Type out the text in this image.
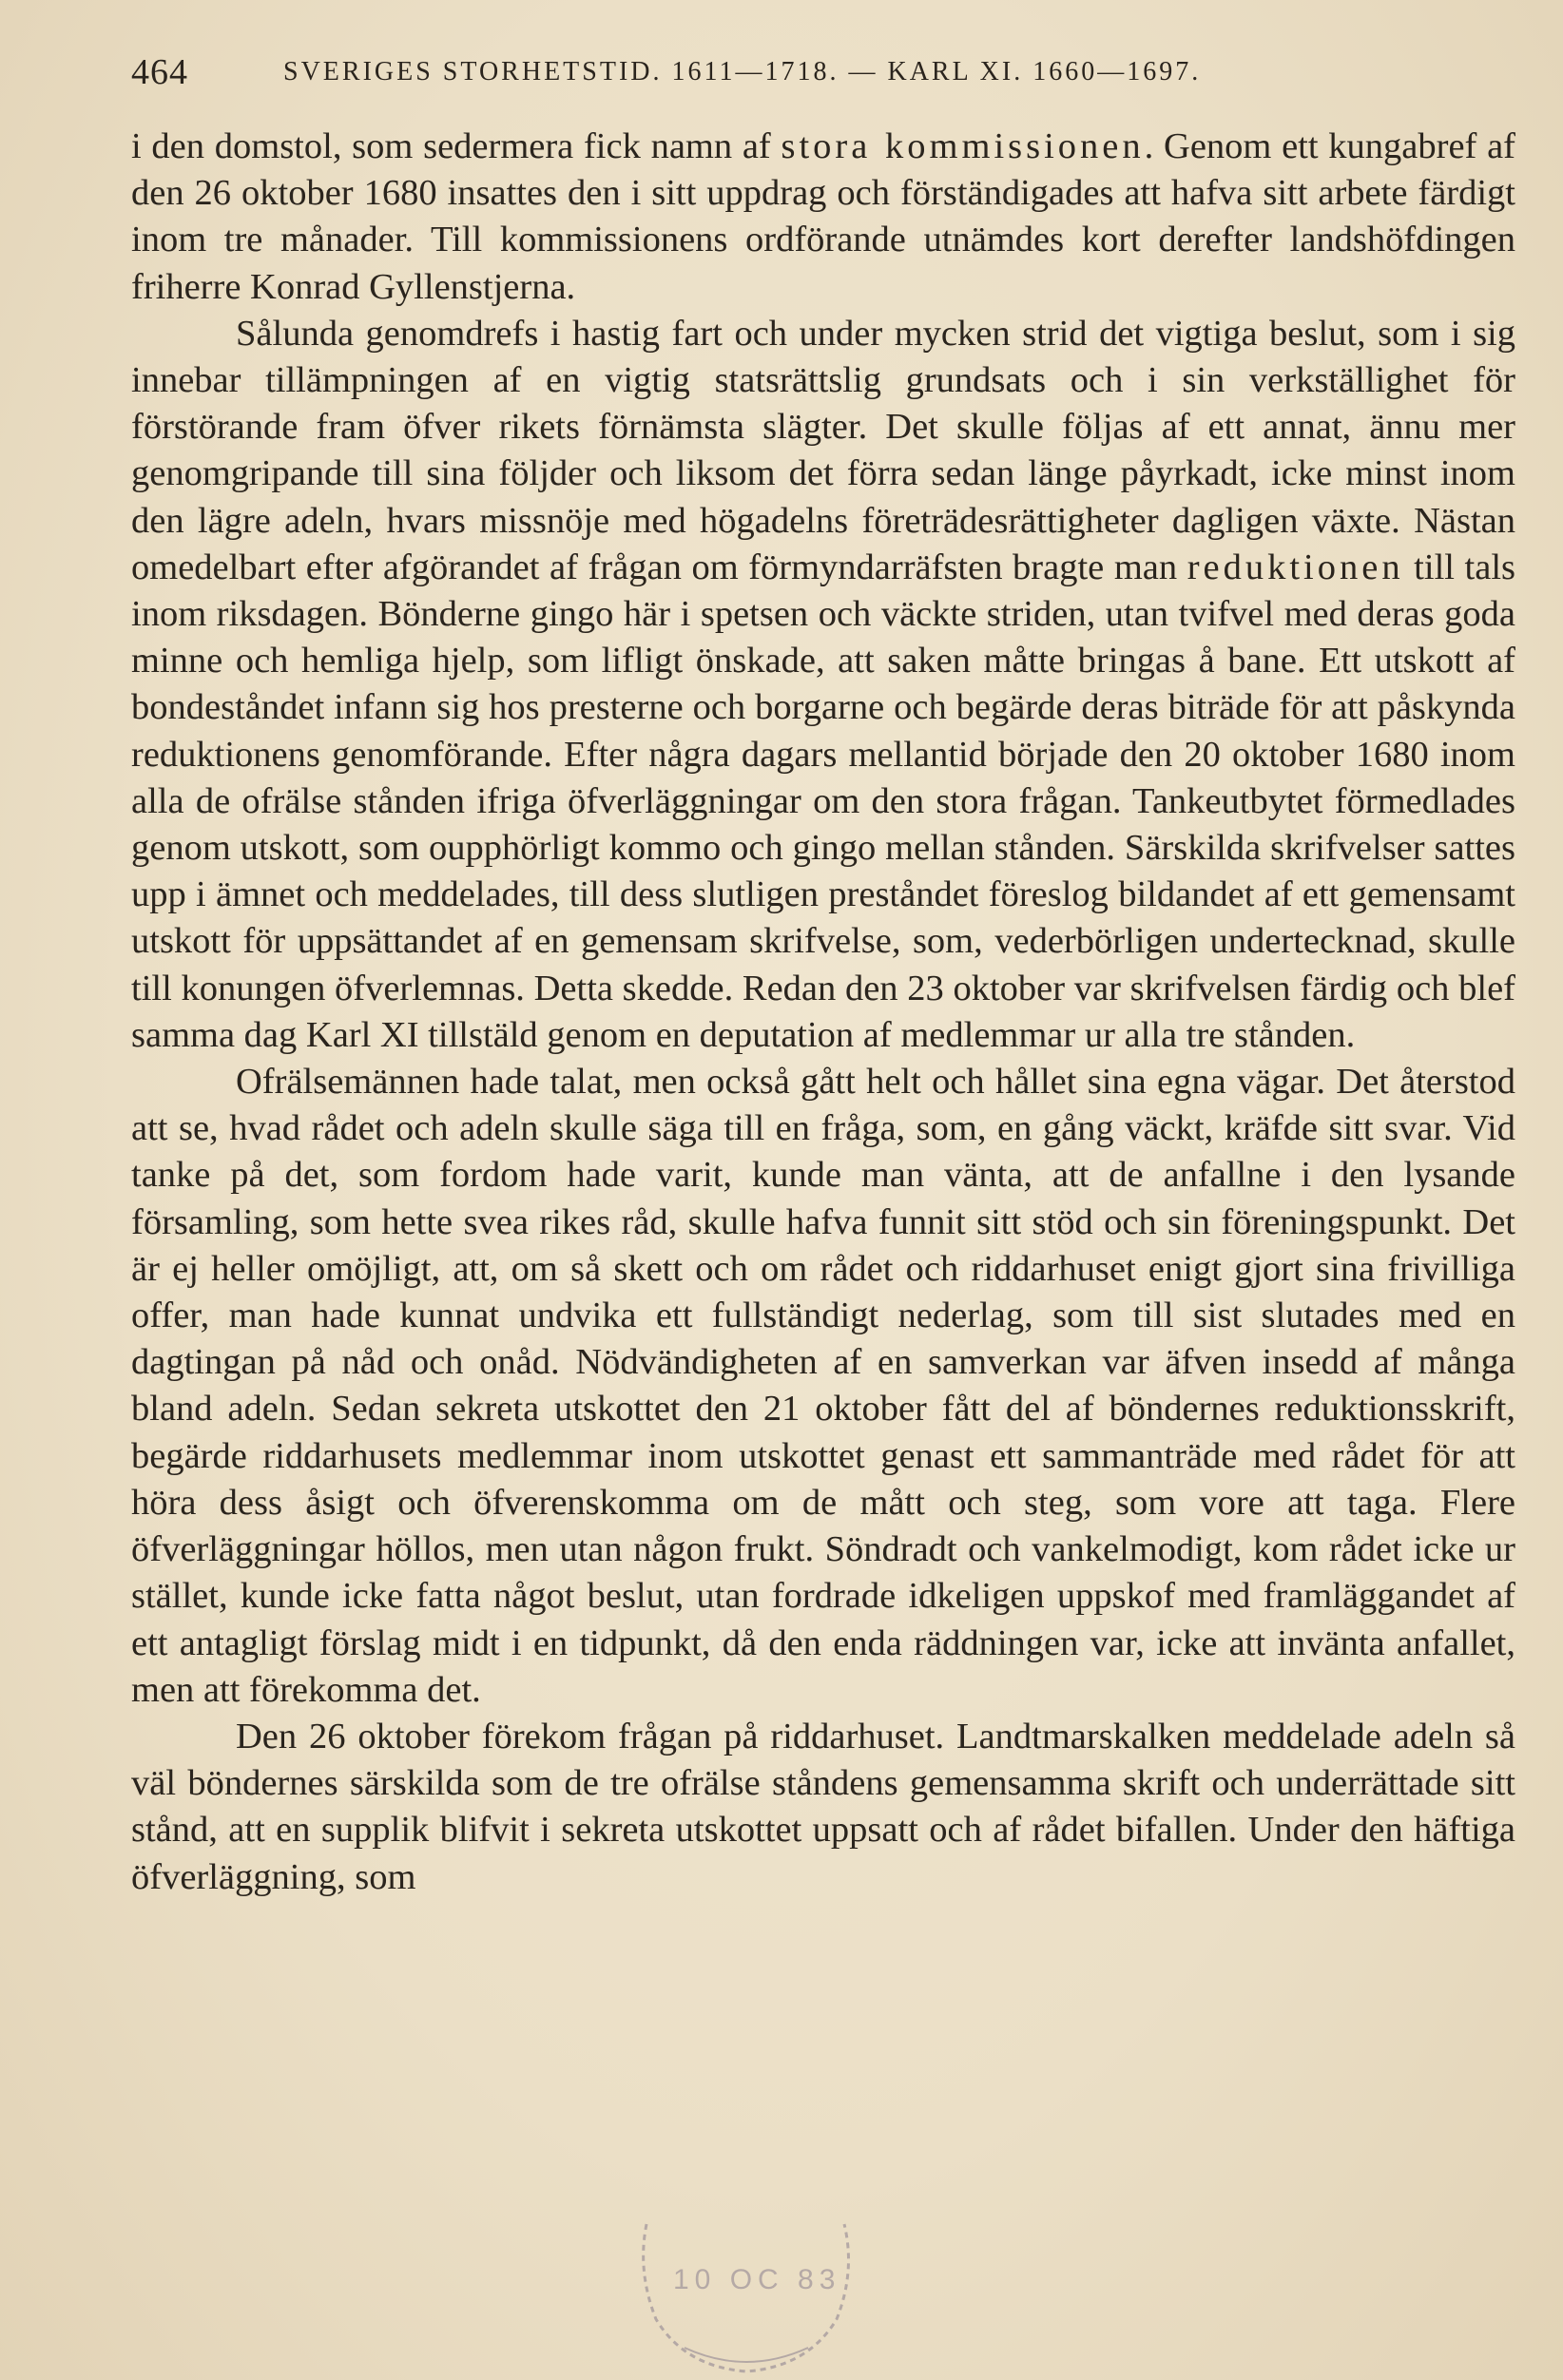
464	SVERIGES STORHETSTID. 1611—1718. — KARL XI. 1660—1697.

i den domstol, som sedermera fick namn af stora kommissionen. Genom ett kungabref af den 26 oktober 1680 insattes den i sitt uppdrag och förständigades att hafva sitt arbete färdigt inom tre månader. Till kommissionens ordförande utnämdes kort derefter landshöfdingen friherre Konrad Gyllenstjerna.

Sålunda genomdrefs i hastig fart och under mycken strid det vigtiga beslut, som i sig innebar tillämpningen af en vigtig statsrättslig grundsats och i sin verkställighet för förstörande fram öfver rikets förnämsta slägter. Det skulle följas af ett annat, ännu mer genomgripande till sina följder och liksom det förra sedan länge påyrkadt, icke minst inom den lägre adeln, hvars missnöje med högadelns företrädesrättigheter dagligen växte. Nästan omedelbart efter afgörandet af frågan om förmyndarräfsten bragte man reduktionen till tals inom riksdagen. Bönderne gingo här i spetsen och väckte striden, utan tvifvel med deras goda minne och hemliga hjelp, som lifligt önskade, att saken måtte bringas å bane. Ett utskott af bondeståndet infann sig hos presterne och borgarne och begärde deras biträde för att påskynda reduktionens genomförande. Efter några dagars mellantid började den 20 oktober 1680 inom alla de ofrälse stånden ifriga öfverläggningar om den stora frågan. Tankeutbytet förmedlades genom utskott, som oupphörligt kommo och gingo mellan stånden. Särskilda skrifvelser sattes upp i ämnet och meddelades, till dess slutligen preståndet föreslog bildandet af ett gemensamt utskott för uppsättandet af en gemensam skrifvelse, som, vederbörligen undertecknad, skulle till konungen öfverlemnas. Detta skedde. Redan den 23 oktober var skrifvelsen färdig och blef samma dag Karl XI tillstäld genom en deputation af medlemmar ur alla tre stånden.

Ofrälsemännen hade talat, men också gått helt och hållet sina egna vägar. Det återstod att se, hvad rådet och adeln skulle säga till en fråga, som, en gång väckt, kräfde sitt svar. Vid tanke på det, som fordom hade varit, kunde man vänta, att de anfallne i den lysande församling, som hette svea rikes råd, skulle hafva funnit sitt stöd och sin föreningspunkt. Det är ej heller omöjligt, att, om så skett och om rådet och riddarhuset enigt gjort sina frivilliga offer, man hade kunnat undvika ett fullständigt nederlag, som till sist slutades med en dagtingan på nåd och onåd. Nödvändigheten af en samverkan var äfven insedd af många bland adeln. Sedan sekreta utskottet den 21 oktober fått del af böndernes reduktionsskrift, begärde riddarhusets medlemmar inom utskottet genast ett sammanträde med rådet för att höra dess åsigt och öfverenskomma om de mått och steg, som vore att taga. Flere öfverläggningar höllos, men utan någon frukt. Söndradt och vankelmodigt, kom rådet icke ur stället, kunde icke fatta något beslut, utan fordrade idkeligen uppskof med framläggandet af ett antagligt förslag midt i en tidpunkt, då den enda räddningen var, icke att invänta anfallet, men att förekomma det.

Den 26 oktober förekom frågan på riddarhuset. Landtmarskalken meddelade adeln så väl böndernes särskilda som de tre ofrälse ståndens gemensamma skrift och underrättade sitt stånd, att en supplik blifvit i sekreta utskottet uppsatt och af rådet bifallen. Under den häftiga öfverläggning, som

10 OC 83
